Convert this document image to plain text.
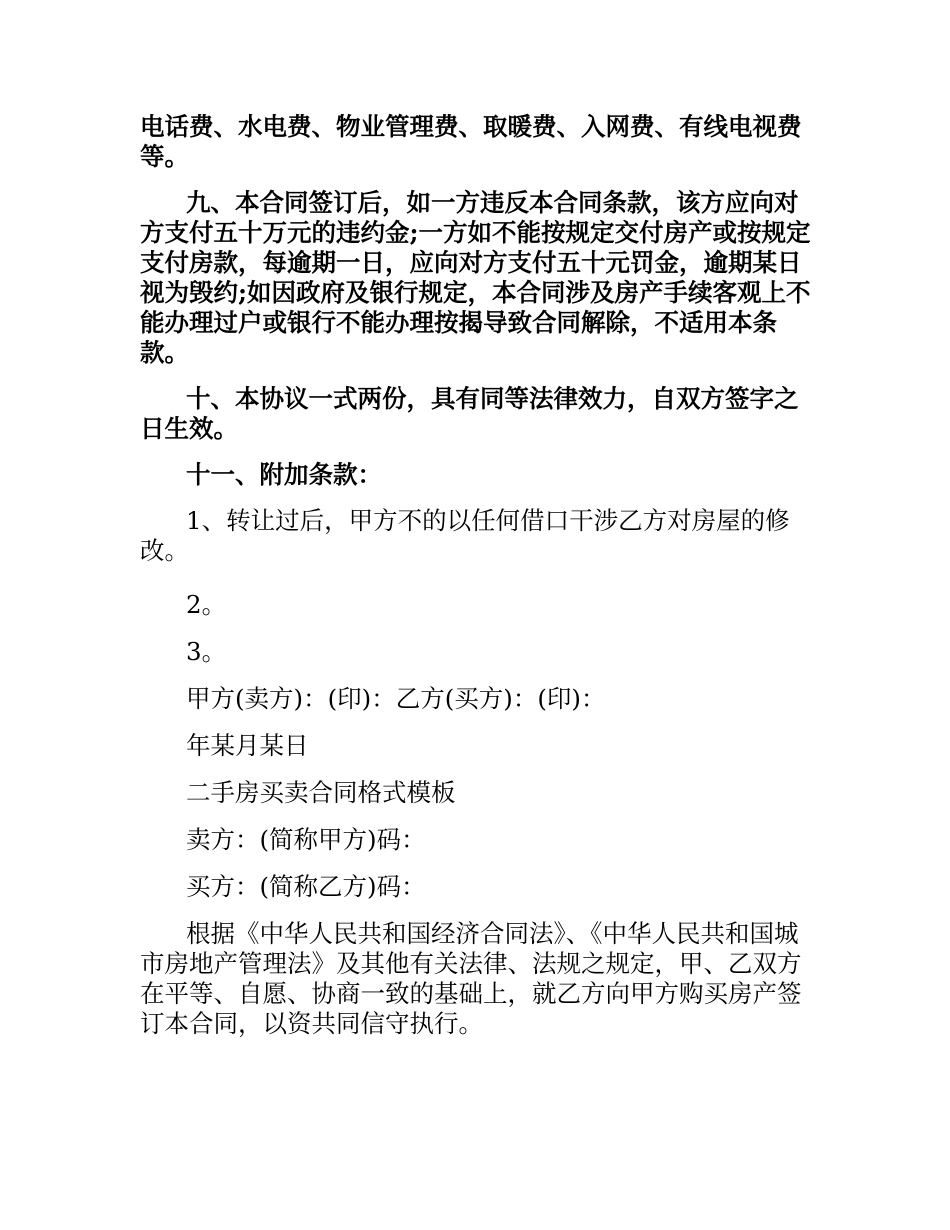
电话费、水电费、物业管理费、取暖费、入网费、有线电视费等。

九、本合同签订后，如一方违反本合同条款，该方应向对方支付五十万元的违约金;一方如不能按规定交付房产或按规定支付房款，每逾期一日，应向对方支付五十元罚金，逾期某日视为毁约;如因政府及银行规定，本合同涉及房产手续客观上不能办理过户或银行不能办理按揭导致合同解除，不适用本条款。

十、本协议一式两份，具有同等法律效力，自双方签字之日生效。

十一、附加条款：

1、转让过后，甲方不的以任何借口干涉乙方对房屋的修改。

2。

3。

甲方(卖方)：(印)：乙方(买方)：(印)：

年某月某日

二手房买卖合同格式模板

卖方：(简称甲方)码：

买方：(简称乙方)码：

根据《中华人民共和国经济合同法》、《中华人民共和国城市房地产管理法》及其他有关法律、法规之规定，甲、乙双方在平等、自愿、协商一致的基础上，就乙方向甲方购买房产签订本合同，以资共同信守执行。
